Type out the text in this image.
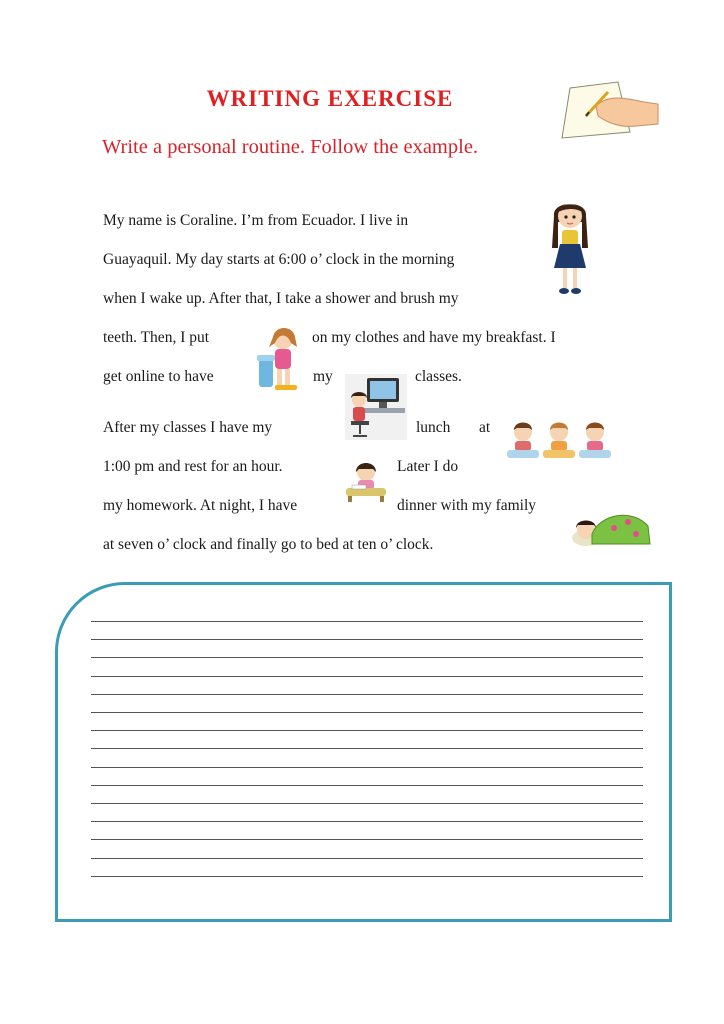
WRITING EXERCISE

Write a personal routine. Follow the example.

My name is Coraline. I’m from Ecuador. I live in

Guayaquil. My day starts at 6:00 o’ clock in the morning

when I wake up. After that, I take a shower and brush my

teeth. Then, I put	on my clothes and have my breakfast. I
get online to have	my	classes.
After my classes I have my	lunch at
1:00 pm and rest for an hour.	Later I do
my homework. At night, I have	dinner with my family

at seven o’ clock and finally go to bed at ten o’ clock.
